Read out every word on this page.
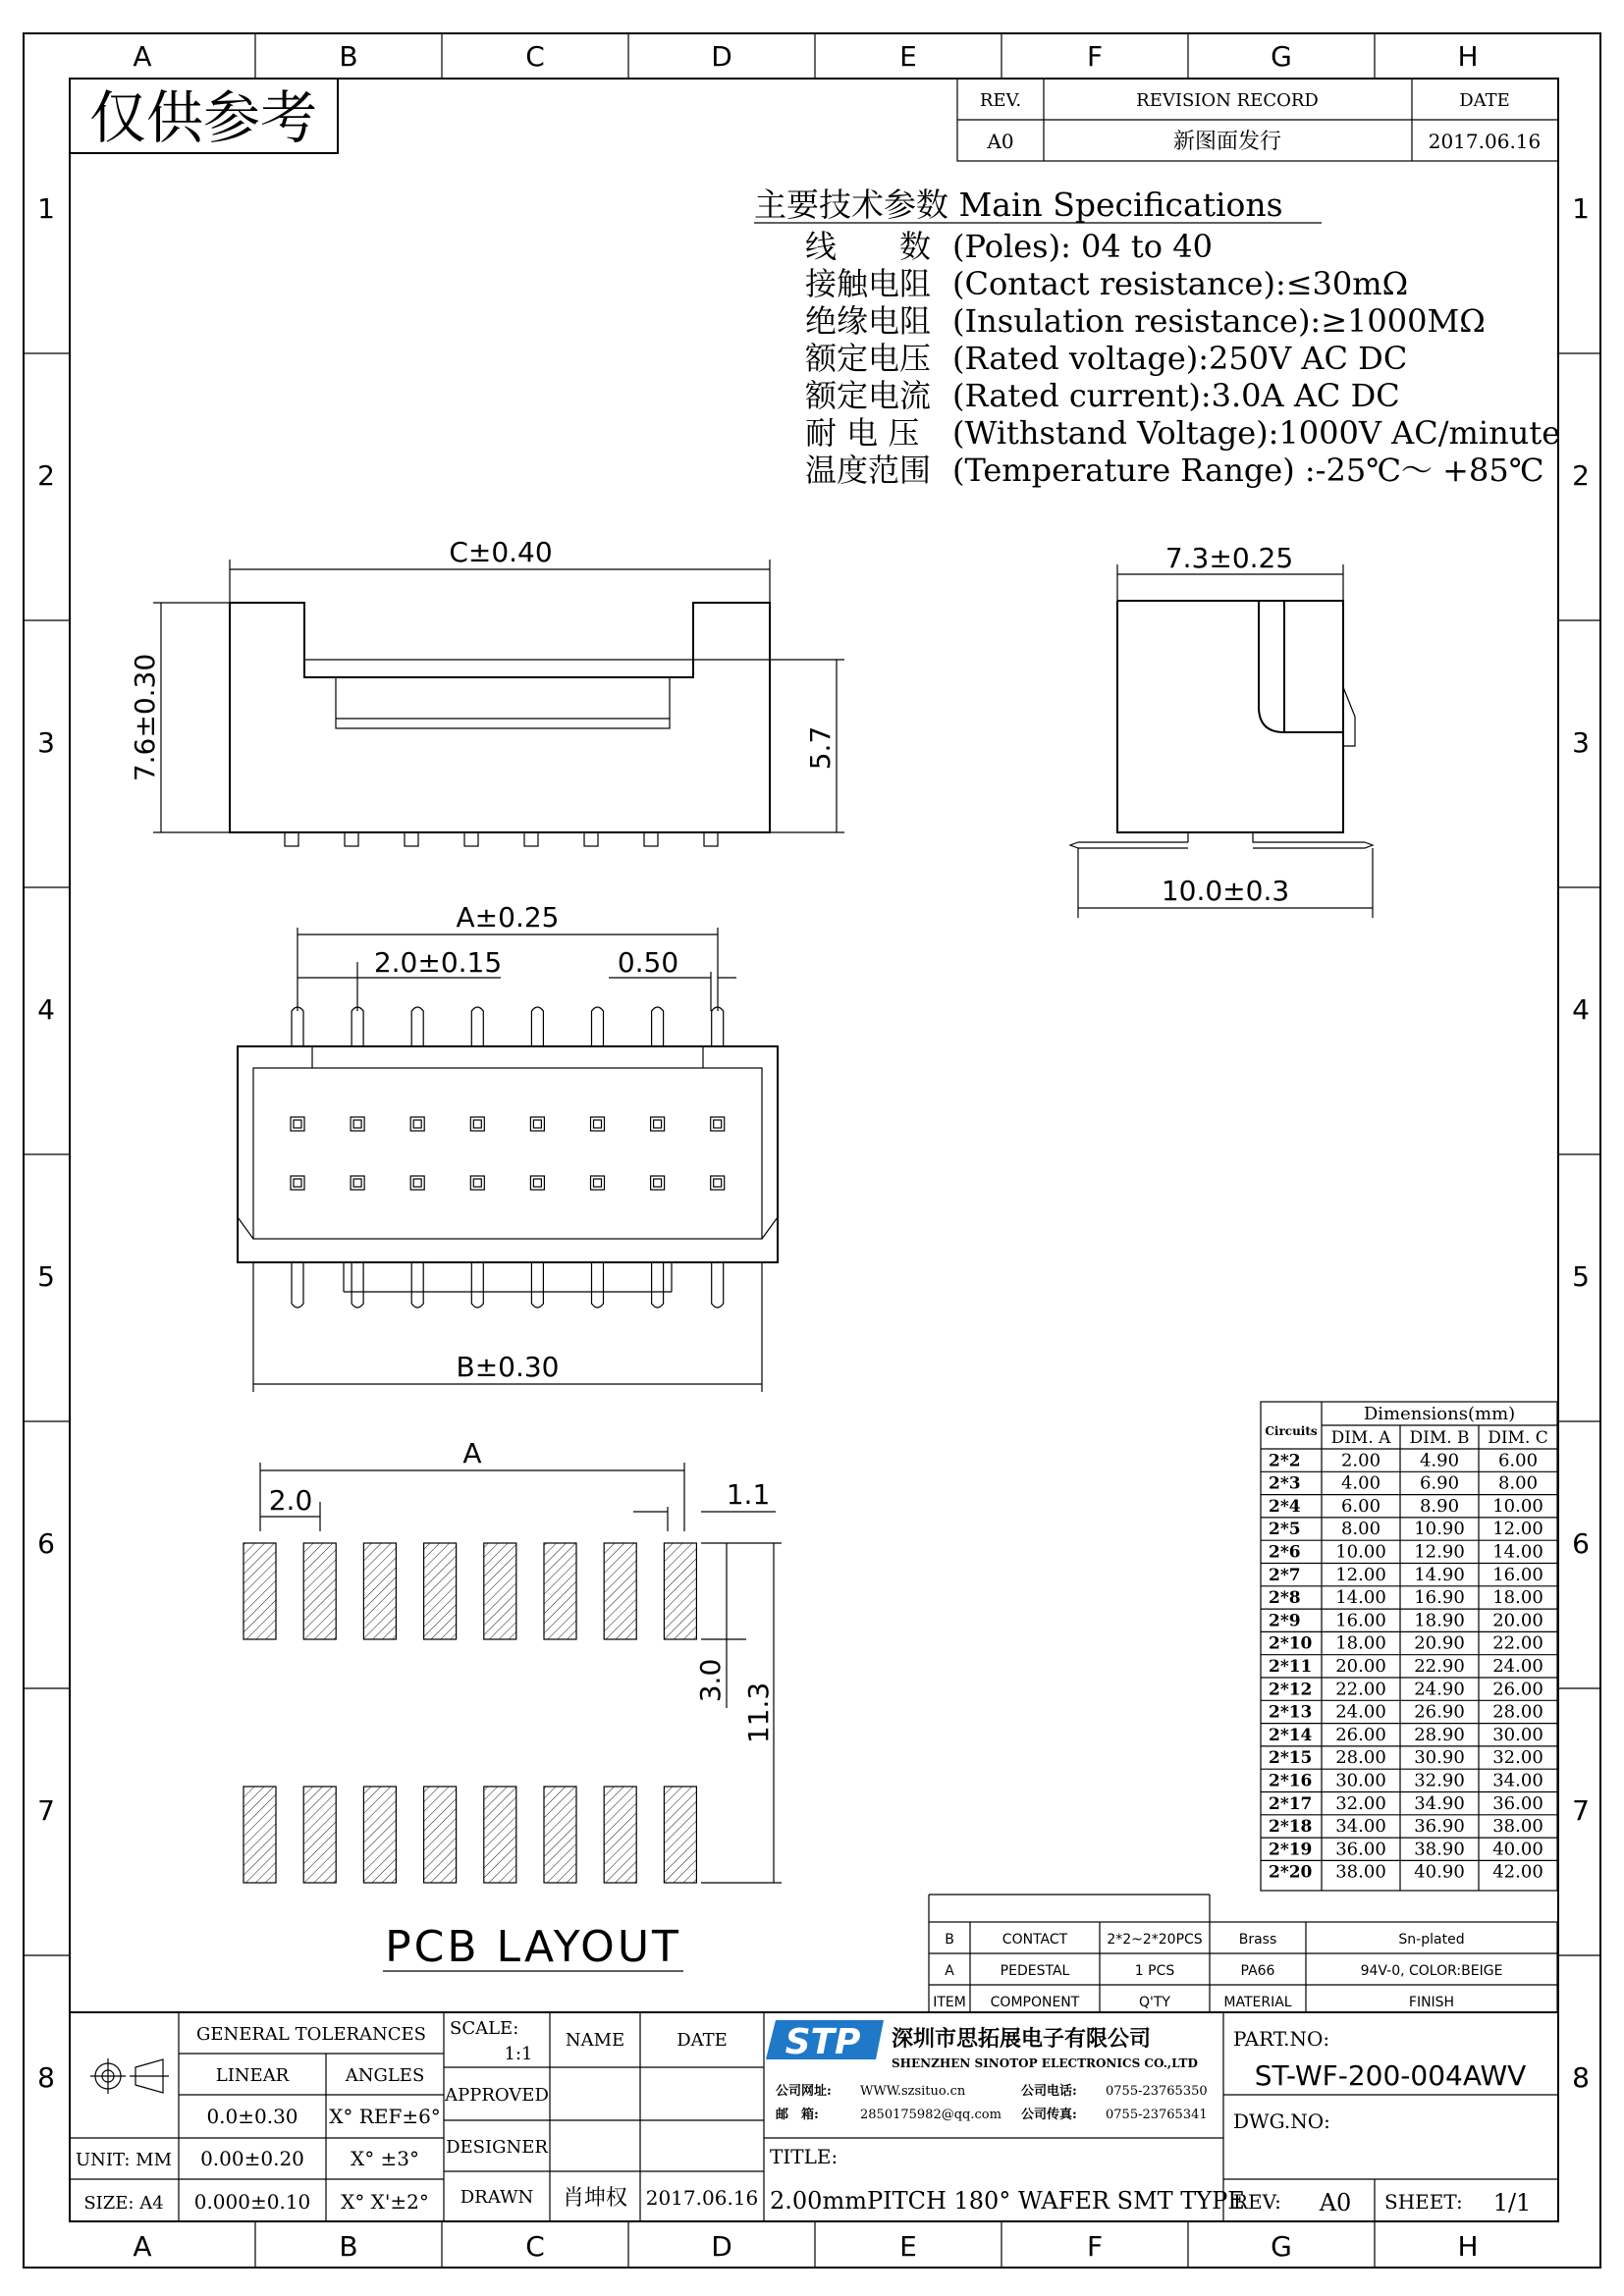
A	B	C	D	E	F	G	H
A	B	C	D	E	F	G	H
1
2
3
4
5
6
7
8
1
2
3
4
5
6
7
8
仅供参考	REV.	REVISION RECORD	DATE
A0	新图面发行	2017.06.16
主要技术参数 Main Specifications
线　　数 (Poles): 04 to 40
接触电阻 (Contact resistance):≤30mΩ
绝缘电阻 (Insulation resistance):≥1000MΩ
额定电压 (Rated voltage):250V AC DC
额定电流 (Rated current):3.0A AC DC
耐 电 压 (Withstand Voltage):1000V AC/minute
温度范围 (Temperature Range) :-25℃～ +85℃
C±0.40
7.6±0.30	5.7
7.3±0.25
10.0±0.3
A±0.25
2.0±0.15	0.50
B±0.30
A
2.0	1.1
3.0
11.3
PCB LAYOUT
Circuits
Dimensions(mm)
DIM. A DIM. B DIM. C
2*2 2.00 4.90 6.00
2*3 4.00 6.90 8.00
2*4 6.00 8.90 10.00
2*5 8.00 10.90 12.00
2*6 10.00 12.90 14.00
2*7 12.00 14.90 16.00
2*8 14.00 16.90 18.00
2*9 16.00 18.90 20.00
2*10 18.00 20.90 22.00
2*11 20.00 22.90 24.00
2*12 22.00 24.90 26.00
2*13 24.00 26.90 28.00
2*14 26.00 28.90 30.00
2*15 28.00 30.90 32.00
2*16 30.00 32.90 34.00
2*17 32.00 34.90 36.00
2*18 34.00 36.90 38.00
2*19 36.00 38.90 40.00
2*20 38.00 40.90 42.00
B	CONTACT	2*2~2*20PCS	Brass	Sn-plated
A	PEDESTAL	1 PCS	PA66	94V-0, COLOR:BEIGE
ITEM COMPONENT	Q'TY	MATERIAL	FINISH
GENERAL TOLERANCES
LINEAR	ANGLES
0.0±0.30 X° REF±6°
0.00±0.20 X° ±3°
0.000±0.10 X° X'±2°
UNIT: MM
SIZE: A4
SCALE:
1:1
NAME	DATE
APPROVED
DESIGNER
DRAWN 肖坤权 2017.06.16
STP 深圳市思拓展电子有限公司
SHENZHEN SINOTOP ELECTRONICS CO.,LTD
公司网址: WWW.szsituo.cn	公司电话: 0755-23765350
邮　箱:	2850175982@qq.com 公司传真: 0755-23765341
TITLE:
2.00mmPITCH 180° WAFER SMT TYPE
PART.NO:
ST-WF-200-004AWV
DWG.NO:
REV: A0 SHEET: 1/1
